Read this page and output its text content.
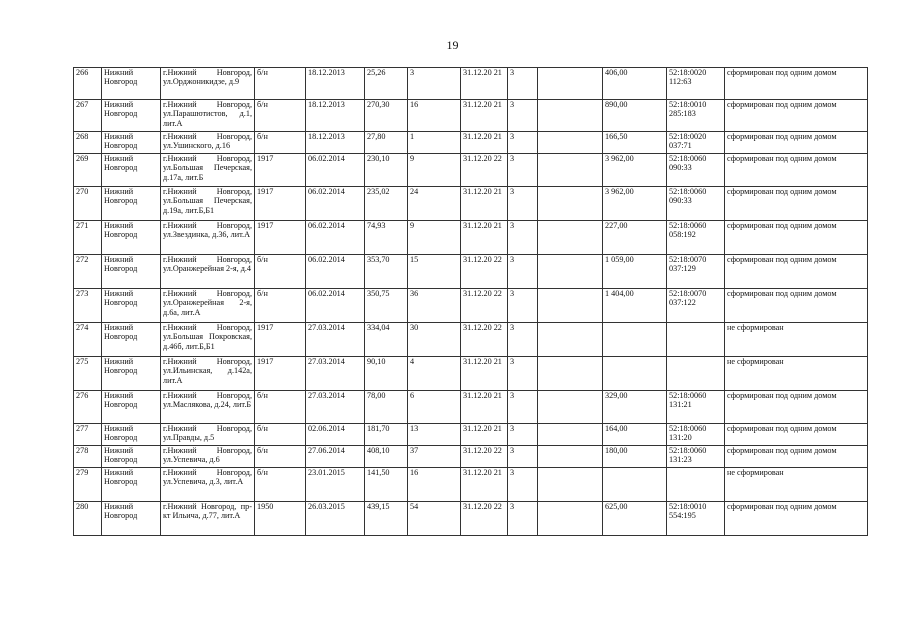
19
266	Нижний Новгород	г.Нижний Новгород, ул.Орджоникидзе, д.9	б/н	18.12.2013	25,26	3	31.12.20 21	3		406,00	52:18:0020 112:63	сформирован под одним домом
267	Нижний Новгород	г.Нижний Новгород, ул.Парашютистов, д.1, лит.А	б/н	18.12.2013	270,30	16	31.12.20 21	3		890,00	52:18:0010 285:183	сформирован под одним домом
268	Нижний Новгород	г.Нижний Новгород, ул.Ушинского, д.16	б/н	18.12.2013	27,80	1	31.12.20 21	3		166,50	52:18:0020 037:71	сформирован под одним домом
269	Нижний Новгород	г.Нижний Новгород, ул.Большая Печерская, д.17а, лит.Б	1917	06.02.2014	230,10	9	31.12.20 22	3		3 962,00	52:18:0060 090:33	сформирован под одним домом
270	Нижний Новгород	г.Нижний Новгород, ул.Большая Печерская, д.19а, лит.Б,Б1	1917	06.02.2014	235,02	24	31.12.20 21	3		3 962,00	52:18:0060 090:33	сформирован под одним домом
271	Нижний Новгород	г.Нижний Новгород, ул.Звездинка, д.36, лит.А	1917	06.02.2014	74,93	9	31.12.20 21	3		227,00	52:18:0060 058:192	сформирован под одним домом
272	Нижний Новгород	г.Нижний Новгород, ул.Оранжерейная 2-я, д.4	б/н	06.02.2014	353,70	15	31.12.20 22	3		1 059,00	52:18:0070 037:129	сформирован под одним домом
273	Нижний Новгород	г.Нижний Новгород, ул.Оранжерейная 2-я, д.6а, лит.А	б/н	06.02.2014	350,75	36	31.12.20 22	3		1 404,00	52:18:0070 037:122	сформирован под одним домом
274	Нижний Новгород	г.Нижний Новгород, ул.Большая Покровская, д.46б, лит.Б,Б1	1917	27.03.2014	334,04	30	31.12.20 22	3				не сформирован
275	Нижний Новгород	г.Нижний Новгород, ул.Ильинская, д.142а, лит.А	1917	27.03.2014	90,10	4	31.12.20 21	3				не сформирован
276	Нижний Новгород	г.Нижний Новгород, ул.Маслякова, д.24, лит.Б	б/н	27.03.2014	78,00	6	31.12.20 21	3		329,00	52:18:0060 131:21	сформирован под одним домом
277	Нижний Новгород	г.Нижний Новгород, ул.Правды, д.5	б/н	02.06.2014	181,70	13	31.12.20 21	3		164,00	52:18:0060 131:20	сформирован под одним домом
278	Нижний Новгород	г.Нижний Новгород, ул.Успевича, д.6	б/н	27.06.2014	408,10	37	31.12.20 22	3		180,00	52:18:0060 131:23	сформирован под одним домом
279	Нижний Новгород	г.Нижний Новгород, ул.Успевича, д.3, лит.А	б/н	23.01.2015	141,50	16	31.12.20 21	3				не сформирован
280	Нижний Новгород	г.Нижний Новгород, пр-кт Ильича, д.77, лит.А	1950	26.03.2015	439,15	54	31.12.20 22	3		625,00	52:18:0010 554:195	сформирован под одним домом
